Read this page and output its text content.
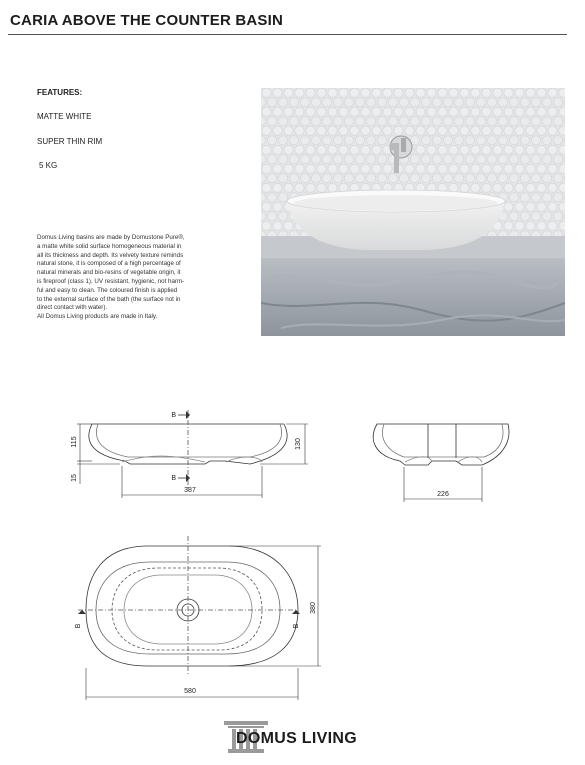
CARIA ABOVE THE COUNTER BASIN
FEATURES:
MATTE WHITE
SUPER THIN RIM
5 KG
Domus Living basins are made by Domustone Pure®,
a matte white solid surface homogeneous material in
all its thickness and depth. Its velvety texture reminds
natural stone, it is composed of a high percentage of
natural minerals and bio-resins of vegetable origin, it
is fireproof (class 1), UV resistant, hygienic, not harm-
ful and easy to clean. The coloured finish is applied
to the external surface of the bath (the surface not in
direct contact with water).
All Domus Living products are made in Italy.
B
B
115
15
130
387
226
B	B
380
580
DOMUS LIVING
